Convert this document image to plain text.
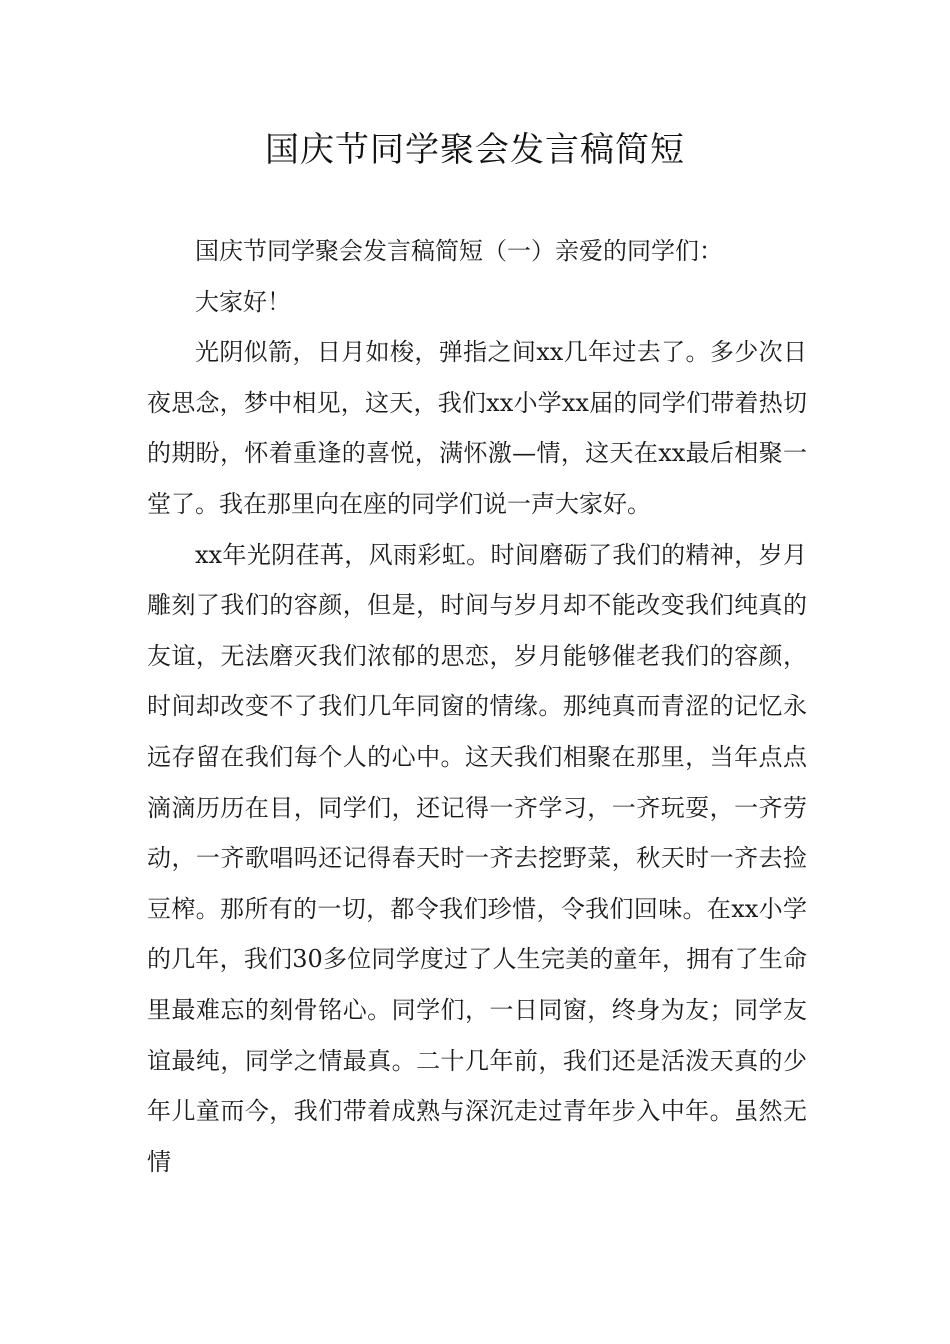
国庆节同学聚会发言稿简短

国庆节同学聚会发言稿简短（一）亲爱的同学们：

大家好！

光阴似箭，日月如梭，弹指之间xx几年过去了。多少次日夜思念，梦中相见，这天，我们xx小学xx届的同学们带着热切的期盼，怀着重逢的喜悦，满怀激—情，这天在xx最后相聚一堂了。我在那里向在座的同学们说一声大家好。

xx年光阴荏苒，风雨彩虹。时间磨砺了我们的精神，岁月雕刻了我们的容颜，但是，时间与岁月却不能改变我们纯真的友谊，无法磨灭我们浓郁的思恋，岁月能够催老我们的容颜，时间却改变不了我们几年同窗的情缘。那纯真而青涩的记忆永远存留在我们每个人的心中。这天我们相聚在那里，当年点点滴滴历历在目，同学们，还记得一齐学习，一齐玩耍，一齐劳动，一齐歌唱吗还记得春天时一齐去挖野菜，秋天时一齐去捡豆榨。那所有的一切，都令我们珍惜，令我们回味。在xx小学的几年，我们30多位同学度过了人生完美的童年，拥有了生命里最难忘的刻骨铭心。同学们，一日同窗，终身为友；同学友谊最纯，同学之情最真。二十几年前，我们还是活泼天真的少年儿童而今，我们带着成熟与深沉走过青年步入中年。虽然无情
